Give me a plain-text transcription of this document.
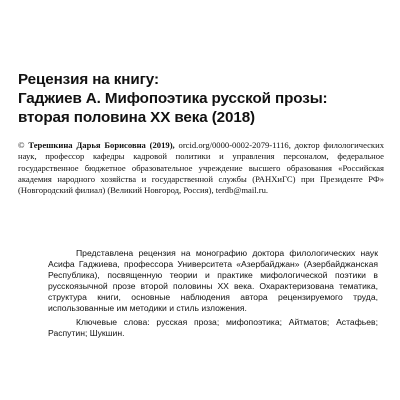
Рецензия на книгу:
Гаджиев А. Мифопоэтика русской прозы:
вторая половина XX века (2018)

© Терешкина Дарья Борисовна (2019), orcid.org/0000-0002-2079-1116, доктор филологических наук, профессор кафедры кадровой политики и управления персоналом, федеральное государственное бюджетное образовательное учреждение высшего образования «Российская академия народного хозяйства и государственной службы (РАНХиГС) при Президенте РФ» (Новгородский филиал) (Великий Новгород, Россия), terdb@mail.ru.

Представлена рецензия на монографию доктора филологических наук Асифа Гаджиева, профессора Университета «Азербайджан» (Азербайджанская Республика), посвященную теории и практике мифологической поэтики в русскоязычной прозе второй половины XX века. Охарактеризована тематика, структура книги, основные наблюдения автора рецензируемого труда, использованные им методики и стиль изложения.

Ключевые слова: русская проза; мифопоэтика; Айтматов; Астафьев; Распутин; Шукшин.
